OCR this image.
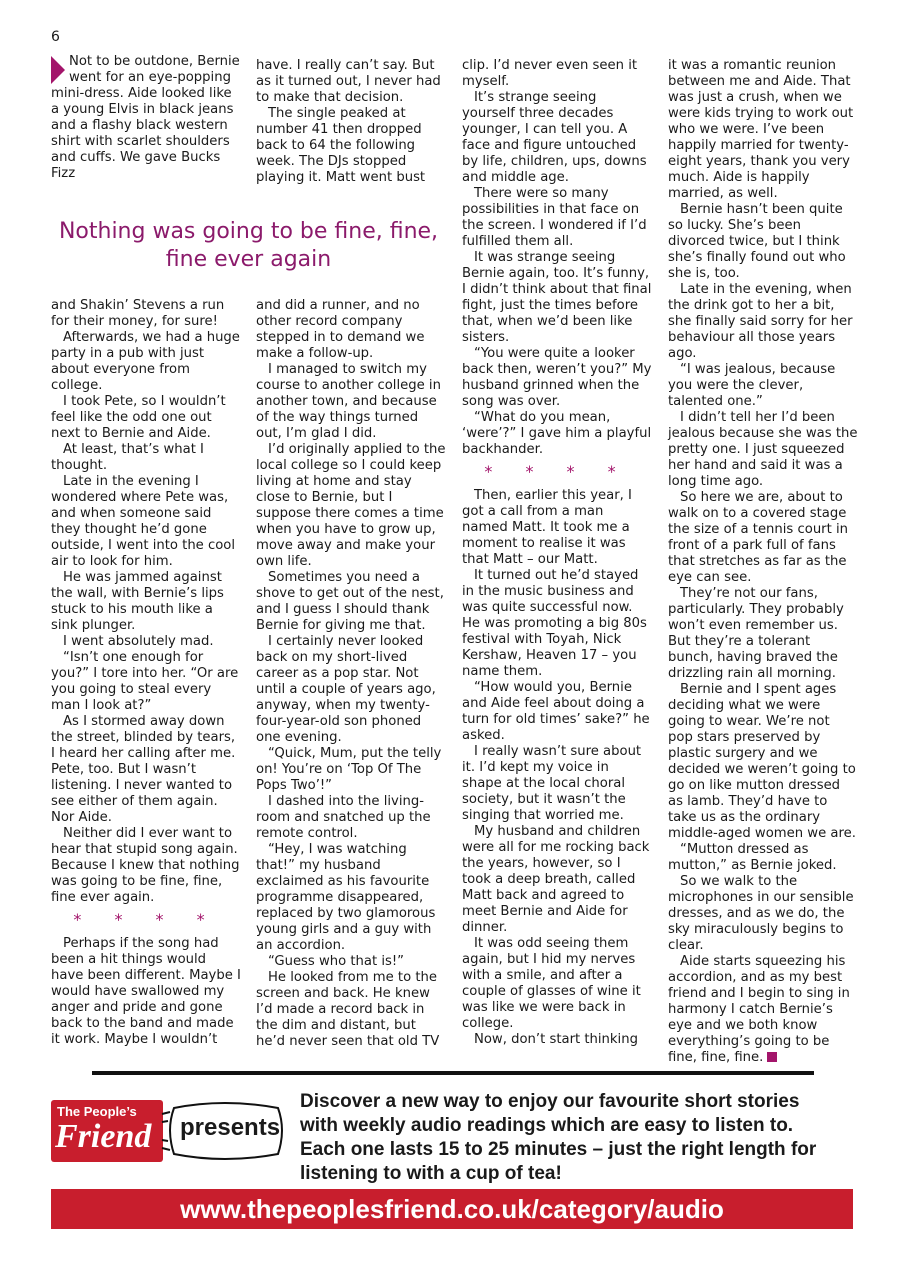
6

Not to be outdone, Bernie went for an eye-popping mini-dress. Aide looked like a young Elvis in black jeans and a flashy black western shirt with scarlet shoulders and cuffs. We gave Bucks Fizz

have. I really can’t say. But as it turned out, I never had to make that decision.

The single peaked at number 41 then dropped back to 64 the following week. The DJs stopped playing it. Matt went bust

Nothing was going to be fine, fine, fine ever again

and Shakin’ Stevens a run for their money, for sure!

Afterwards, we had a huge party in a pub with just about everyone from college.

I took Pete, so I wouldn’t feel like the odd one out next to Bernie and Aide.

At least, that’s what I thought.

Late in the evening I wondered where Pete was, and when someone said they thought he’d gone outside, I went into the cool air to look for him.

He was jammed against the wall, with Bernie’s lips stuck to his mouth like a sink plunger.

I went absolutely mad.

“Isn’t one enough for you?” I tore into her. “Or are you going to steal every man I look at?”

As I stormed away down the street, blinded by tears, I heard her calling after me. Pete, too. But I wasn’t listening. I never wanted to see either of them again. Nor Aide.

Neither did I ever want to hear that stupid song again. Because I knew that nothing was going to be fine, fine, fine ever again.

* * * *

Perhaps if the song had been a hit things would have been different. Maybe I would have swallowed my anger and pride and gone back to the band and made it work. Maybe I wouldn’t

and did a runner, and no other record company stepped in to demand we make a follow-up.

I managed to switch my course to another college in another town, and because of the way things turned out, I’m glad I did.

I’d originally applied to the local college so I could keep living at home and stay close to Bernie, but I suppose there comes a time when you have to grow up, move away and make your own life.

Sometimes you need a shove to get out of the nest, and I guess I should thank Bernie for giving me that.

I certainly never looked back on my short-lived career as a pop star. Not until a couple of years ago, anyway, when my twenty-four-year-old son phoned one evening.

“Quick, Mum, put the telly on! You’re on ‘Top Of The Pops Two’!”

I dashed into the living-room and snatched up the remote control.

“Hey, I was watching that!” my husband exclaimed as his favourite programme disappeared, replaced by two glamorous young girls and a guy with an accordion.

“Guess who that is!”

He looked from me to the screen and back. He knew I’d made a record back in the dim and distant, but he’d never seen that old TV

clip. I’d never even seen it myself.

It’s strange seeing yourself three decades younger, I can tell you. A face and figure untouched by life, children, ups, downs and middle age.

There were so many possibilities in that face on the screen. I wondered if I’d fulfilled them all.

It was strange seeing Bernie again, too. It’s funny, I didn’t think about that final fight, just the times before that, when we’d been like sisters.

“You were quite a looker back then, weren’t you?” My husband grinned when the song was over.

“What do you mean, ‘were’?” I gave him a playful backhander.

* * * *

Then, earlier this year, I got a call from a man named Matt. It took me a moment to realise it was that Matt – our Matt.

It turned out he’d stayed in the music business and was quite successful now. He was promoting a big 80s festival with Toyah, Nick Kershaw, Heaven 17 – you name them.

“How would you, Bernie and Aide feel about doing a turn for old times’ sake?” he asked.

I really wasn’t sure about it. I’d kept my voice in shape at the local choral society, but it wasn’t the singing that worried me.

My husband and children were all for me rocking back the years, however, so I took a deep breath, called Matt back and agreed to meet Bernie and Aide for dinner.

It was odd seeing them again, but I hid my nerves with a smile, and after a couple of glasses of wine it was like we were back in college.

Now, don’t start thinking

it was a romantic reunion between me and Aide. That was just a crush, when we were kids trying to work out who we were. I’ve been happily married for twenty-eight years, thank you very much. Aide is happily married, as well.

Bernie hasn’t been quite so lucky. She’s been divorced twice, but I think she’s finally found out who she is, too.

Late in the evening, when the drink got to her a bit, she finally said sorry for her behaviour all those years ago.

“I was jealous, because you were the clever, talented one.”

I didn’t tell her I’d been jealous because she was the pretty one. I just squeezed her hand and said it was a long time ago.

So here we are, about to walk on to a covered stage the size of a tennis court in front of a park full of fans that stretches as far as the eye can see.

They’re not our fans, particularly. They probably won’t even remember us. But they’re a tolerant bunch, having braved the drizzling rain all morning.

Bernie and I spent ages deciding what we were going to wear. We’re not pop stars preserved by plastic surgery and we decided we weren’t going to go on like mutton dressed as lamb. They’d have to take us as the ordinary middle-aged women we are.

“Mutton dressed as mutton,” as Bernie joked.

So we walk to the microphones in our sensible dresses, and as we do, the sky miraculously begins to clear.

Aide starts squeezing his accordion, and as my best friend and I begin to sing in harmony I catch Bernie’s eye and we both know everything’s going to be fine, fine, fine.

The People’s
Friend presents
Discover a new way to enjoy our favourite short stories with weekly audio readings which are easy to listen to. Each one lasts 15 to 25 minutes – just the right length for listening to with a cup of tea!
www.thepeoplesfriend.co.uk/category/audio
